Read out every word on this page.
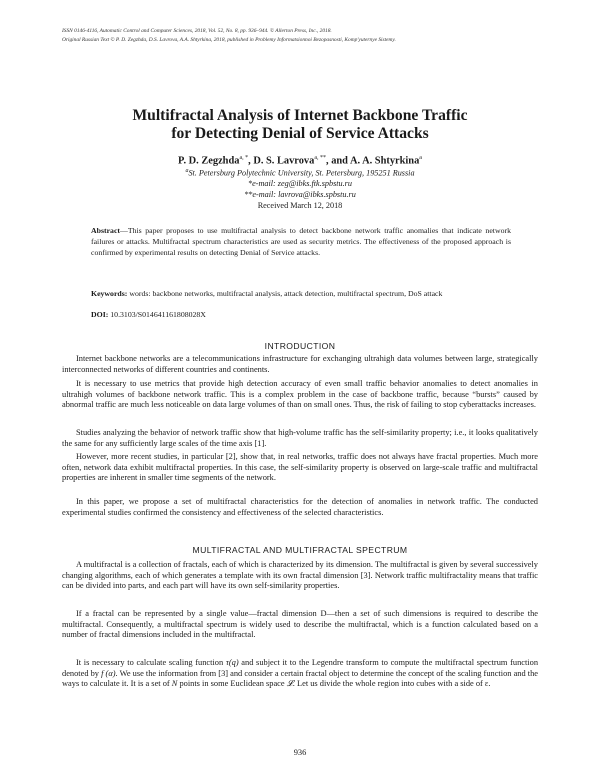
ISSN 0146-4116, Automatic Control and Computer Sciences, 2018, Vol. 52, No. 8, pp. 936–944. © Allerton Press, Inc., 2018.
Original Russian Text © P. D. Zegzhda, D.S. Lavrova, A.A. Shtyrkina, 2018, published in Problemy Informatsionnoi Bezopasnosti, Komp'yuternye Sistemy.
Multifractal Analysis of Internet Backbone Traffic
for Detecting Denial of Service Attacks
P. D. Zegzhda$^{a, *}$, D. S. Lavrova$^{a, **}$, and A. A. Shtyrkina$^a$
$^a$St. Petersburg Polytechnic University, St. Petersburg, 195251 Russia
*e-mail: zeg@ibks.ftk.spbstu.ru
**e-mail: lavrova@ibks.spbstu.ru
Received March 12, 2018
Abstract—This paper proposes to use multifractal analysis to detect backbone network traffic anomalies that indicate network failures or attacks. Multifractal spectrum characteristics are used as security metrics. The effectiveness of the proposed approach is confirmed by experimental results on detecting Denial of Service attacks.
Keywords: words: backbone networks, multifractal analysis, attack detection, multifractal spectrum, DoS attack
DOI: 10.3103/S014641161808028X
INTRODUCTION
Internet backbone networks are a telecommunications infrastructure for exchanging ultrahigh data volumes between large, strategically interconnected networks of different countries and continents.
It is necessary to use metrics that provide high detection accuracy of even small traffic behavior anomalies to detect anomalies in ultrahigh volumes of backbone network traffic. This is a complex problem in the case of backbone traffic, because “bursts” caused by abnormal traffic are much less noticeable on data large volumes of than on small ones. Thus, the risk of failing to stop cyberattacks increases.
Studies analyzing the behavior of network traffic show that high-volume traffic has the self-similarity property; i.e., it looks qualitatively the same for any sufficiently large scales of the time axis [1].
However, more recent studies, in particular [2], show that, in real networks, traffic does not always have fractal properties. Much more often, network data exhibit multifractal properties. In this case, the self-similarity property is observed on large-scale traffic and multifractal properties are inherent in smaller time segments of the network.
In this paper, we propose a set of multifractal characteristics for the detection of anomalies in network traffic. The conducted experimental studies confirmed the consistency and effectiveness of the selected characteristics.
MULTIFRACTAL AND MULTIFRACTAL SPECTRUM
A multifractal is a collection of fractals, each of which is characterized by its dimension. The multifractal is given by several successively changing algorithms, each of which generates a template with its own fractal dimension [3]. Network traffic multifractality means that traffic can be divided into parts, and each part will have its own self-similarity properties.
If a fractal can be represented by a single value—fractal dimension D—then a set of such dimensions is required to describe the multifractal. Consequently, a multifractal spectrum is widely used to describe the multifractal, which is a function calculated based on a number of fractal dimensions included in the multifractal.
It is necessary to calculate scaling function τ(q) and subject it to the Legendre transform to compute the multifractal spectrum function denoted by f (α). We use the information from [3] and consider a certain fractal object to determine the concept of the scaling function and the ways to calculate it. It is a set of N points in some Euclidean space 𝓛. Let us divide the whole region into cubes with a side of ε.
936
